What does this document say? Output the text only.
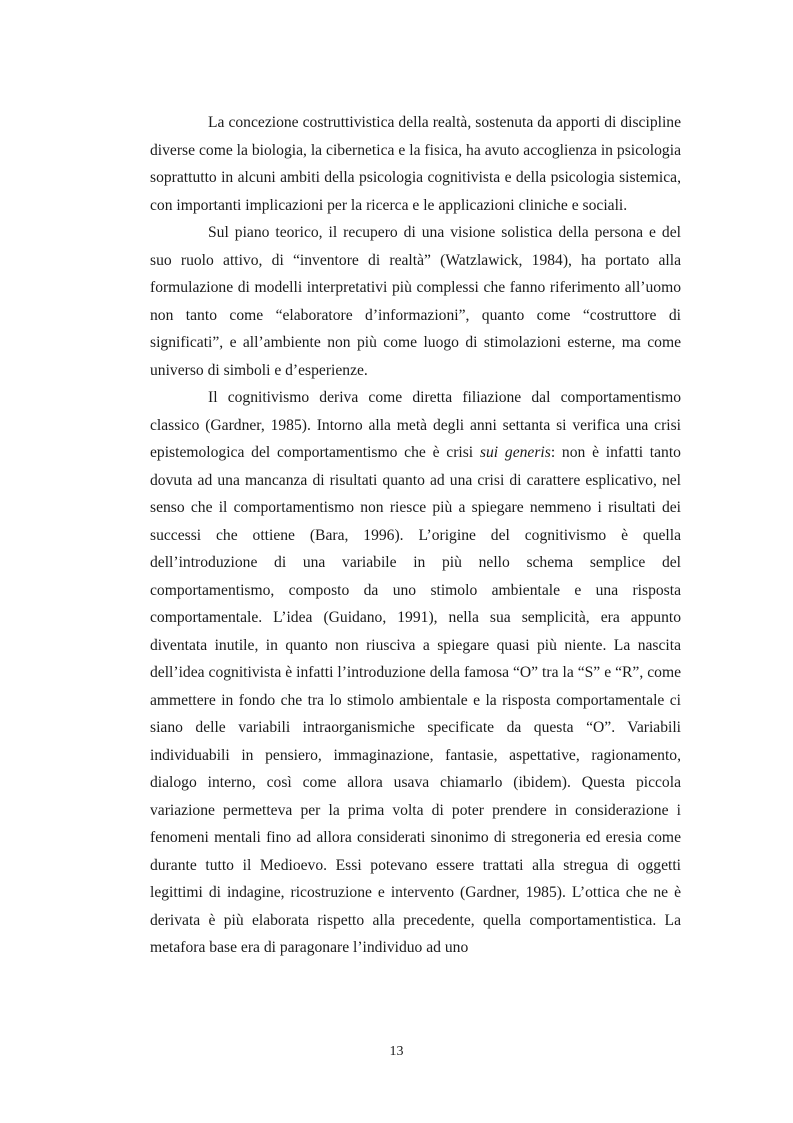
La concezione costruttivistica della realtà, sostenuta da apporti di discipline diverse come la biologia, la cibernetica e la fisica, ha avuto accoglienza in psicologia soprattutto in alcuni ambiti della psicologia cognitivista e della psicologia sistemica, con importanti implicazioni per la ricerca e le applicazioni cliniche e sociali.

Sul piano teorico, il recupero di una visione solistica della persona e del suo ruolo attivo, di “inventore di realtà” (Watzlawick, 1984), ha portato alla formulazione di modelli interpretativi più complessi che fanno riferimento all’uomo non tanto come “elaboratore d’informazioni”, quanto come “costruttore di significati”, e all’ambiente non più come luogo di stimolazioni esterne, ma come universo di simboli e d’esperienze.

Il cognitivismo deriva come diretta filiazione dal comportamentismo classico (Gardner, 1985). Intorno alla metà degli anni settanta si verifica una crisi epistemologica del comportamentismo che è crisi sui generis: non è infatti tanto dovuta ad una mancanza di risultati quanto ad una crisi di carattere esplicativo, nel senso che il comportamentismo non riesce più a spiegare nemmeno i risultati dei successi che ottiene (Bara, 1996). L’origine del cognitivismo è quella dell’introduzione di una variabile in più nello schema semplice del comportamentismo, composto da uno stimolo ambientale e una risposta comportamentale. L’idea (Guidano, 1991), nella sua semplicità, era appunto diventata inutile, in quanto non riusciva a spiegare quasi più niente. La nascita dell’idea cognitivista è infatti l’introduzione della famosa “O” tra la “S” e “R”, come ammettere in fondo che tra lo stimolo ambientale e la risposta comportamentale ci siano delle variabili intraorganismiche specificate da questa “O”. Variabili individuabili in pensiero, immaginazione, fantasie, aspettative, ragionamento, dialogo interno, così come allora usava chiamarlo (ibidem). Questa piccola variazione permetteva per la prima volta di poter prendere in considerazione i fenomeni mentali fino ad allora considerati sinonimo di stregoneria ed eresia come durante tutto il Medioevo. Essi potevano essere trattati alla stregua di oggetti legittimi di indagine, ricostruzione e intervento (Gardner, 1985). L’ottica che ne è derivata è più elaborata rispetto alla precedente, quella comportamentistica. La metafora base era di paragonare l’individuo ad uno

13
